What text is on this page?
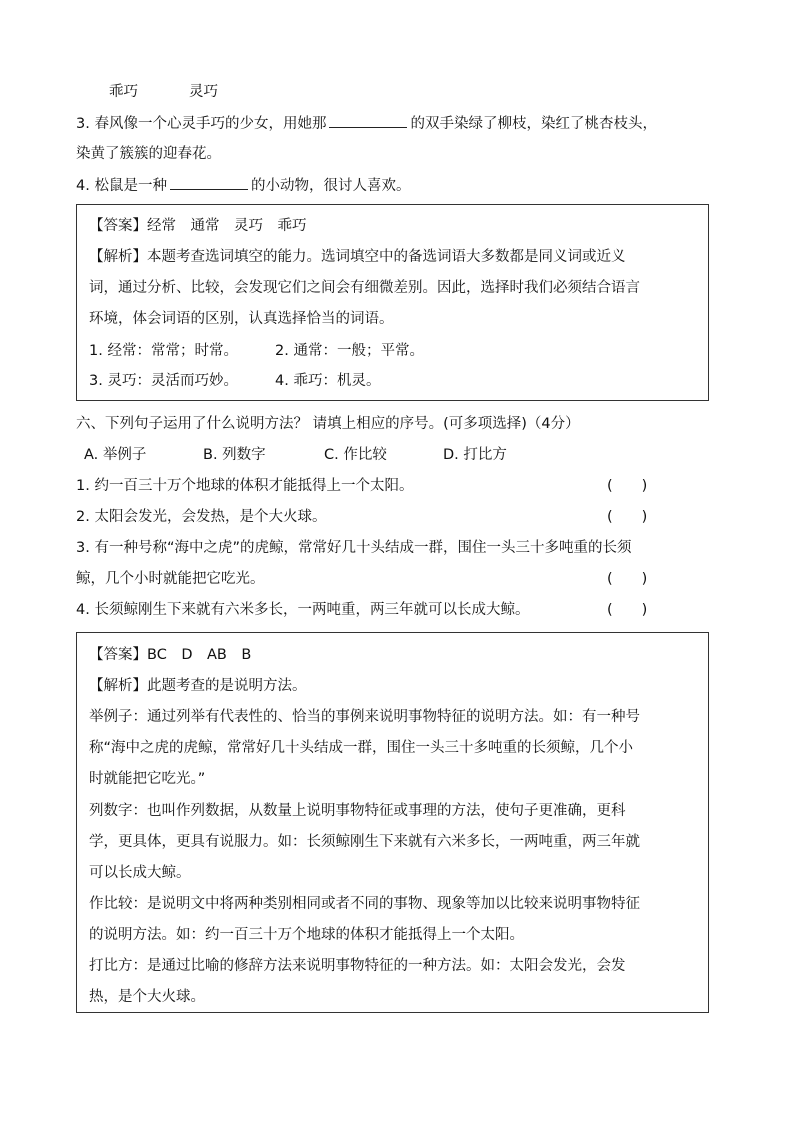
乖巧	灵巧
3. 春风像一个心灵手巧的少女，用她那	的双手染绿了柳枝，染红了桃杏枝头，
染黄了簇簇的迎春花。
4. 松鼠是一种	的小动物，很讨人喜欢。
【答案】经常　通常　灵巧　乖巧
【解析】本题考查选词填空的能力。选词填空中的备选词语大多数都是同义词或近义
词，通过分析、比较，会发现它们之间会有细微差别。因此，选择时我们必须结合语言
环境，体会词语的区别，认真选择恰当的词语。
1. 经常：常常；时常。	2. 通常：一般；平常。
3. 灵巧：灵活而巧妙。	4. 乖巧：机灵。
六、下列句子运用了什么说明方法？ 请填上相应的序号。(可多项选择)（4分）
A. 举例子	B. 列数字	C. 作比较	D. 打比方
1. 约一百三十万个地球的体积才能抵得上一个太阳。	(　　)
2. 太阳会发光，会发热，是个大火球。	(　　)
3. 有一种号称“海中之虎”的虎鲸，常常好几十头结成一群，围住一头三十多吨重的长须
鲸，几个小时就能把它吃光。	(　　)
4. 长须鲸刚生下来就有六米多长，一两吨重，两三年就可以长成大鲸。	(　　)
【答案】BC　D　AB　B
【解析】此题考查的是说明方法。
举例子：通过列举有代表性的、恰当的事例来说明事物特征的说明方法。如：有一种号
称“海中之虎的虎鲸，常常好几十头结成一群，围住一头三十多吨重的长须鲸，几个小
时就能把它吃光。”
列数字：也叫作列数据，从数量上说明事物特征或事理的方法，使句子更准确，更科
学，更具体，更具有说服力。如：长须鲸刚生下来就有六米多长，一两吨重，两三年就
可以长成大鲸。
作比较：是说明文中将两种类别相同或者不同的事物、现象等加以比较来说明事物特征
的说明方法。如：约一百三十万个地球的体积才能抵得上一个太阳。
打比方：是通过比喻的修辞方法来说明事物特征的一种方法。如：太阳会发光，会发
热，是个大火球。
